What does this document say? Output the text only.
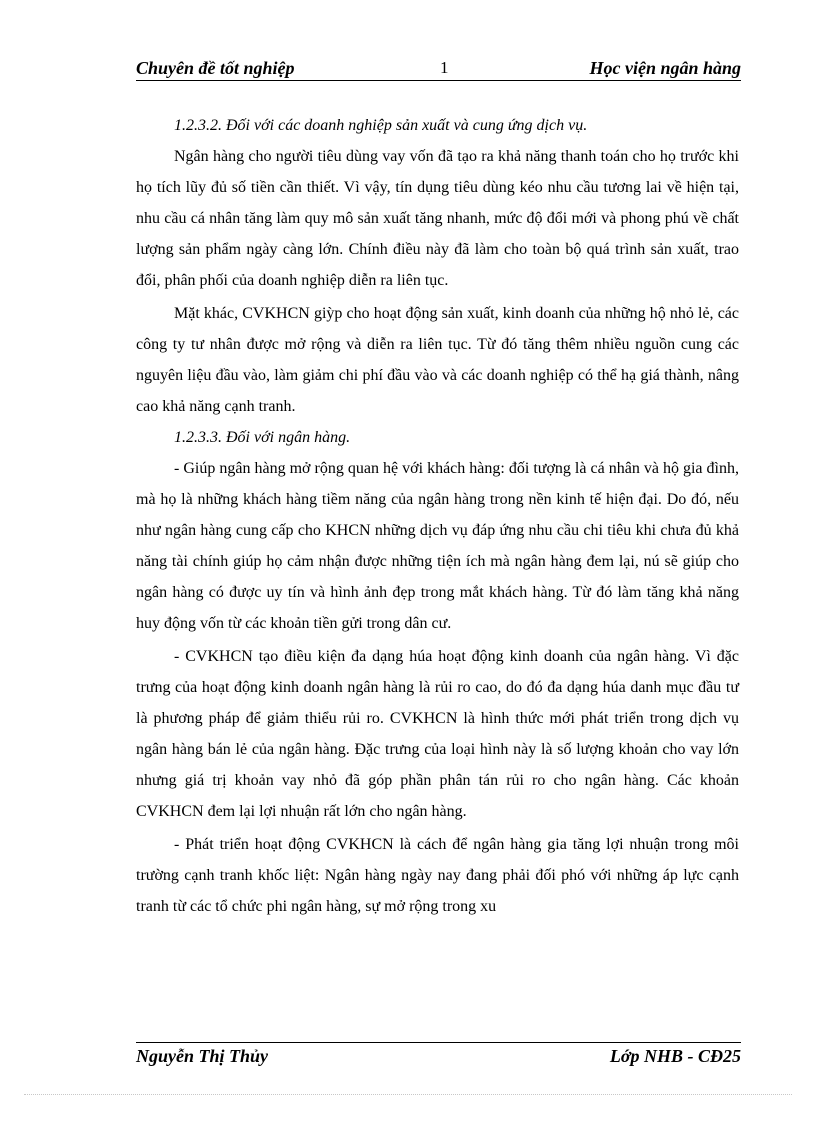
Chuyên đề tốt nghiệp	1	Học viện ngân hàng

1.2.3.2. Đối với các doanh nghiệp sản xuất và cung ứng dịch vụ.

Ngân hàng cho người tiêu dùng vay vốn đã tạo ra khả năng thanh toán cho họ trước khi họ tích lũy đủ số tiền cần thiết. Vì vậy, tín dụng tiêu dùng kéo nhu cầu tương lai về hiện tại, nhu cầu cá nhân tăng làm quy mô sản xuất tăng nhanh, mức độ đổi mới và phong phú về chất lượng sản phẩm ngày càng lớn. Chính điều này đã làm cho toàn bộ quá trình sản xuất, trao đổi, phân phối của doanh nghiệp diễn ra liên tục.

Mặt khác, CVKHCN giỳp cho hoạt động sản xuất, kinh doanh của những hộ nhỏ lẻ, các công ty tư nhân được mở rộng và diễn ra liên tục. Từ đó tăng thêm nhiều nguồn cung các nguyên liệu đầu vào, làm giảm chi phí đầu vào và các doanh nghiệp có thể hạ giá thành, nâng cao khả năng cạnh tranh.

1.2.3.3. Đối với ngân hàng.

- Giúp ngân hàng mở rộng quan hệ với khách hàng: đối tượng là cá nhân và hộ gia đình, mà họ là những khách hàng tiềm năng của ngân hàng trong nền kinh tế hiện đại. Do đó, nếu như ngân hàng cung cấp cho KHCN những dịch vụ đáp ứng nhu cầu chi tiêu khi chưa đủ khả năng tài chính giúp họ cảm nhận được những tiện ích mà ngân hàng đem lại, nú sẽ giúp cho ngân hàng có được uy tín và hình ảnh đẹp trong mắt khách hàng. Từ đó làm tăng khả năng huy động vốn từ các khoản tiền gửi trong dân cư.

- CVKHCN tạo điều kiện đa dạng húa hoạt động kinh doanh của ngân hàng. Vì đặc trưng của hoạt động kinh doanh ngân hàng là rủi ro cao, do đó đa dạng húa danh mục đầu tư là phương pháp để giảm thiểu rủi ro. CVKHCN là hình thức mới phát triển trong dịch vụ ngân hàng bán lẻ của ngân hàng. Đặc trưng của loại hình này là số lượng khoản cho vay lớn nhưng giá trị khoản vay nhỏ đã góp phần phân tán rủi ro cho ngân hàng. Các khoản CVKHCN đem lại lợi nhuận rất lớn cho ngân hàng.

- Phát triển hoạt động CVKHCN là cách để ngân hàng gia tăng lợi nhuận trong môi trường cạnh tranh khốc liệt: Ngân hàng ngày nay đang phải đối phó với những áp lực cạnh tranh từ các tổ chức phi ngân hàng, sự mở rộng trong xu

Nguyễn Thị Thủy	Lớp NHB - CĐ25
